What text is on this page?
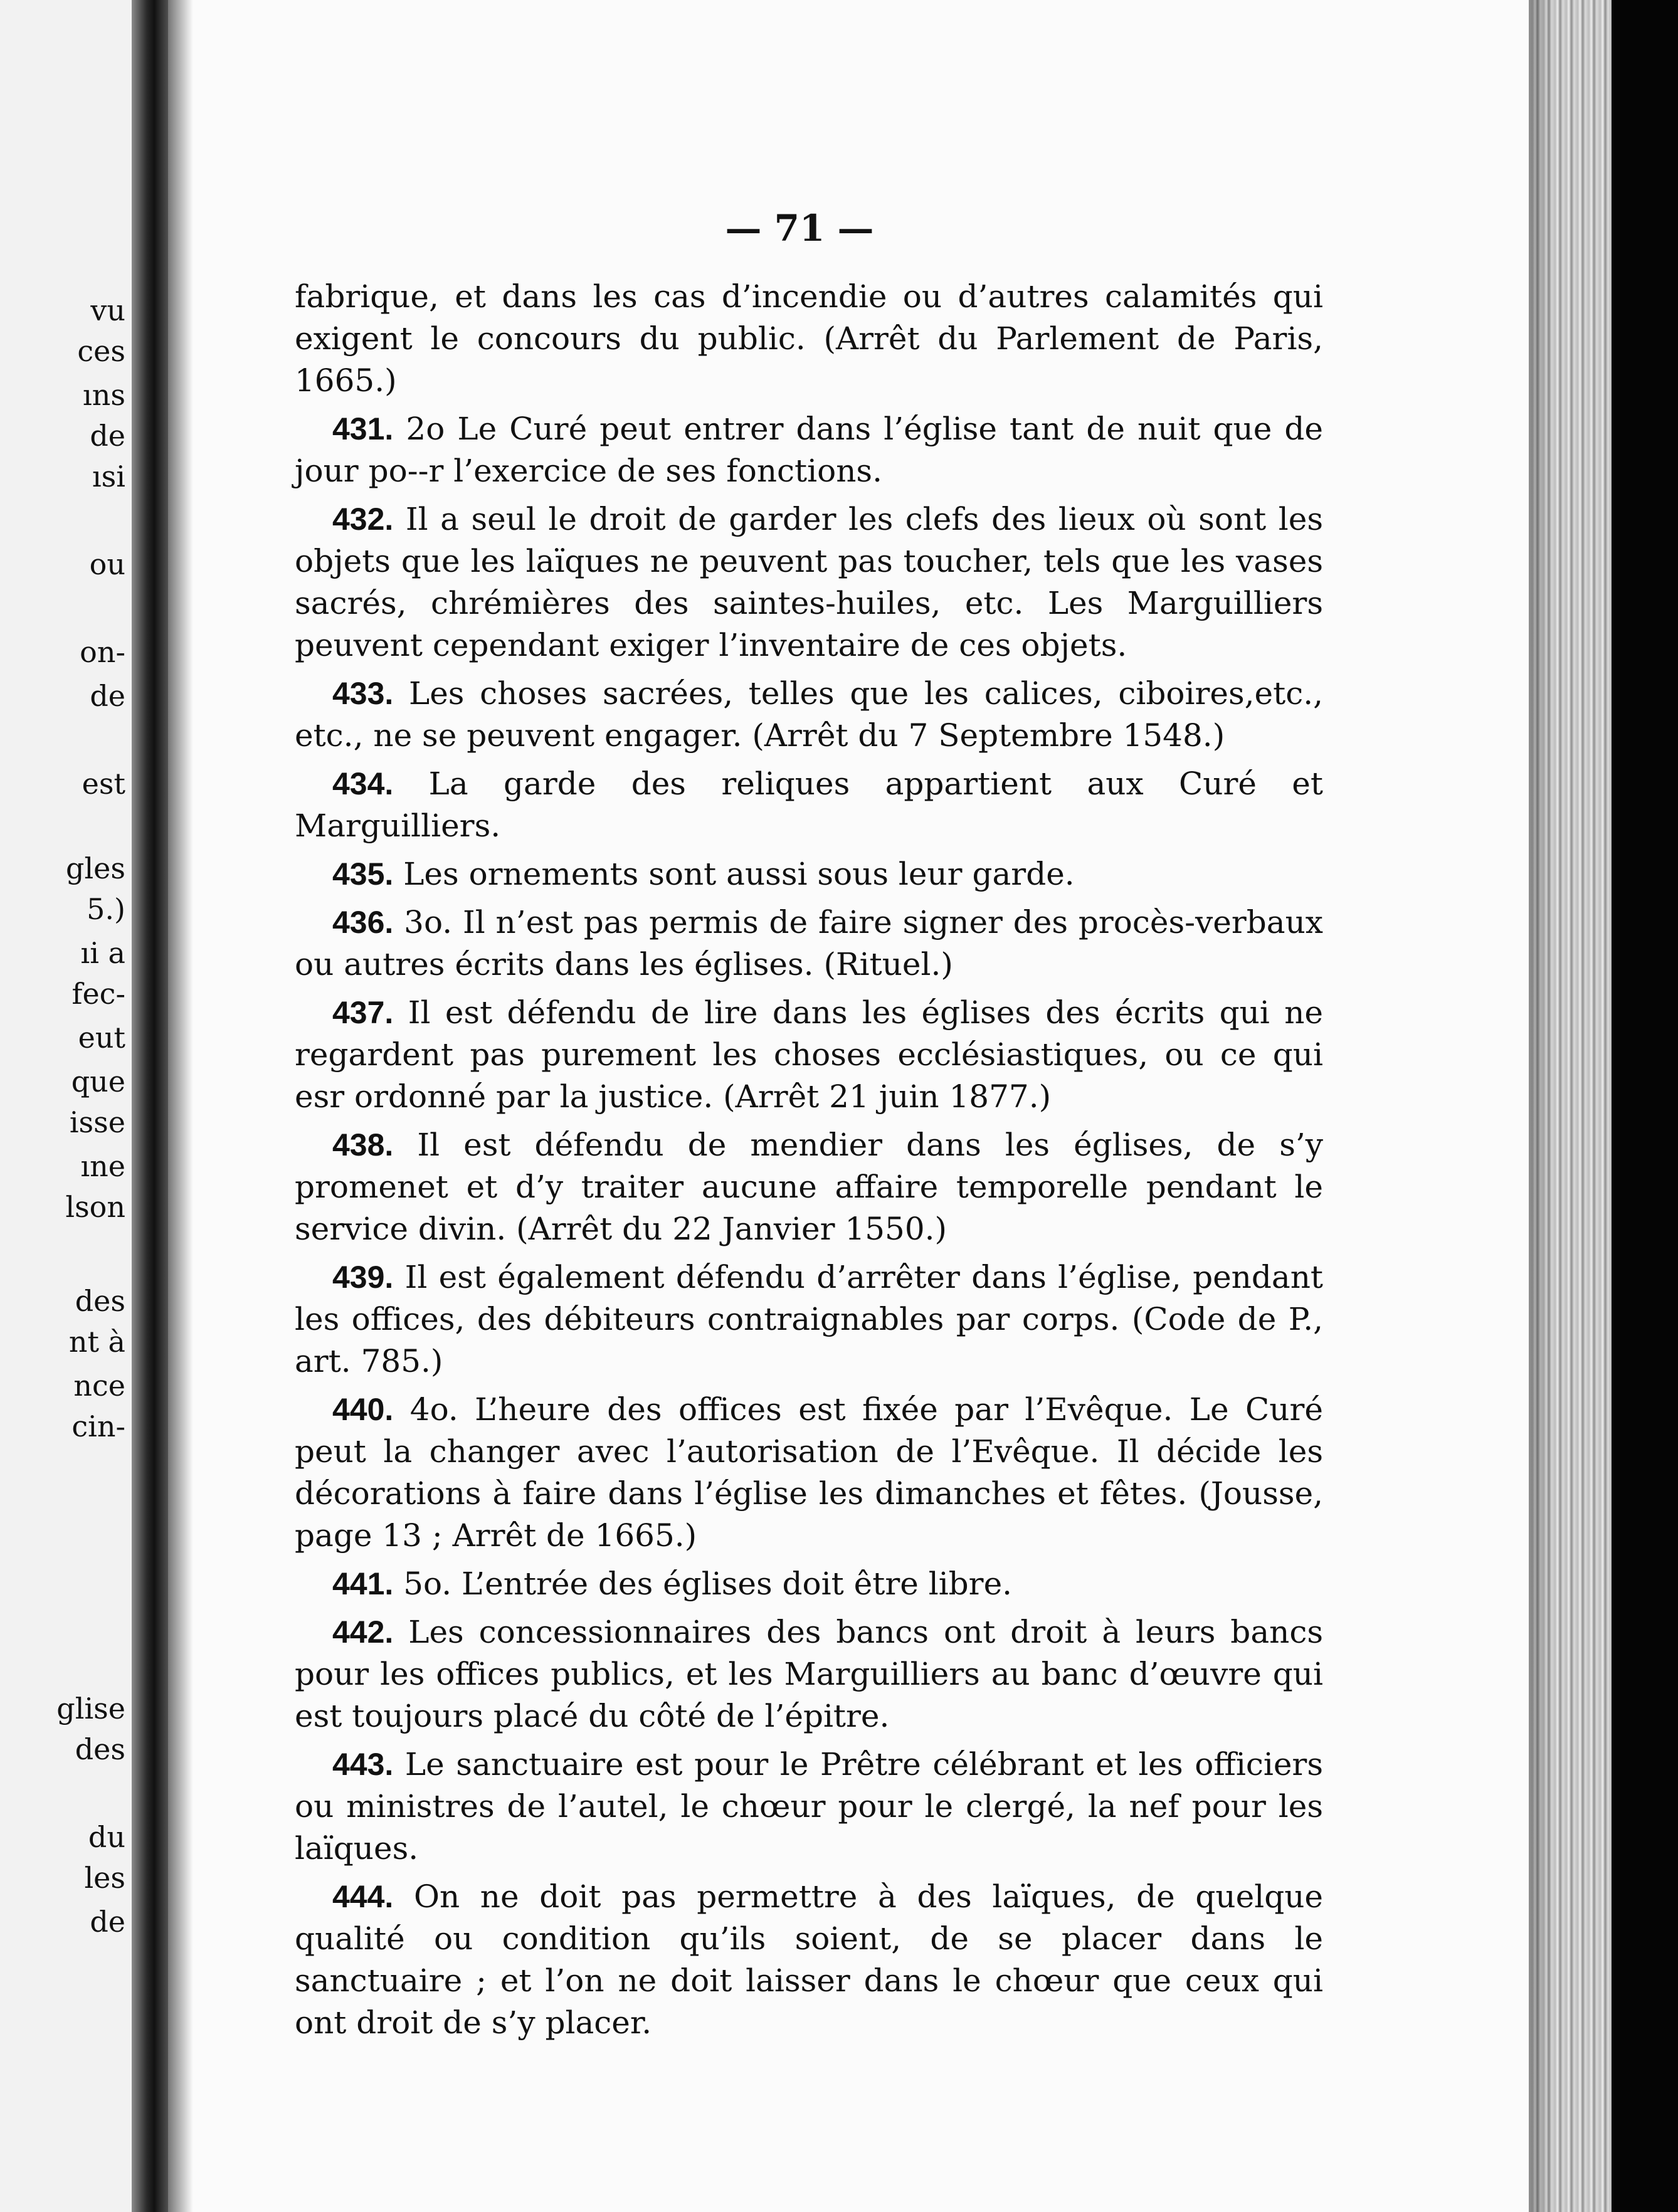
vu
ces
ıns
de
ısi
ou
on-
de
est
gles
5.)
ıi a
fec-
eut
que
isse
ıne
lson
des
nt à
nce
cin-
glise
des
du
les
de
— 71 —

fabrique, et dans les cas d’incendie ou d’autres calamités qui exigent le concours du public. (Arrêt du Parlement de Paris, 1665.)

431. 2o Le Curé peut entrer dans l’église tant de nuit que de jour po‑‑r l’exercice de ses fonctions.

432. Il a seul le droit de garder les clefs des lieux où sont les objets que les laïques ne peuvent pas toucher, tels que les vases sacrés, chrémières des saintes-huiles, etc. Les Marguilliers peuvent cependant exiger l’inventaire de ces objets.

433. Les choses sacrées, telles que les calices, ciboires,etc., etc., ne se peuvent engager. (Arrêt du 7 Septembre 1548.)

434. La garde des reliques appartient aux Curé et Marguilliers.

435. Les ornements sont aussi sous leur garde.

436. 3o. Il n’est pas permis de faire signer des procès-verbaux ou autres écrits dans les églises. (Rituel.)

437. Il est défendu de lire dans les églises des écrits qui ne regardent pas purement les choses ecclésiastiques, ou ce qui esr ordonné par la justice. (Arrêt 21 juin 1877.)

438. Il est défendu de mendier dans les églises, de s’y promenet et d’y traiter aucune affaire temporelle pendant le service divin. (Arrêt du 22 Janvier 1550.)

439. Il est également défendu d’arrêter dans l’église, pendant les offices, des débiteurs contraignables par corps. (Code de P., art. 785.)

440. 4o. L’heure des offices est fixée par l’Evêque. Le Curé peut la changer avec l’autorisation de l’Evêque. Il décide les décorations à faire dans l’église les dimanches et fêtes. (Jousse, page 13 ; Arrêt de 1665.)

441. 5o. L’entrée des églises doit être libre.

442. Les concessionnaires des bancs ont droit à leurs bancs pour les offices publics, et les Marguilliers au banc d’œuvre qui est toujours placé du côté de l’épitre.

443. Le sanctuaire est pour le Prêtre célébrant et les officiers ou ministres de l’autel, le chœur pour le clergé, la nef pour les laïques.

444. On ne doit pas permettre à des laïques, de quelque qualité ou condition qu’ils soient, de se placer dans le sanctuaire ; et l’on ne doit laisser dans le chœur que ceux qui ont droit de s’y placer.
